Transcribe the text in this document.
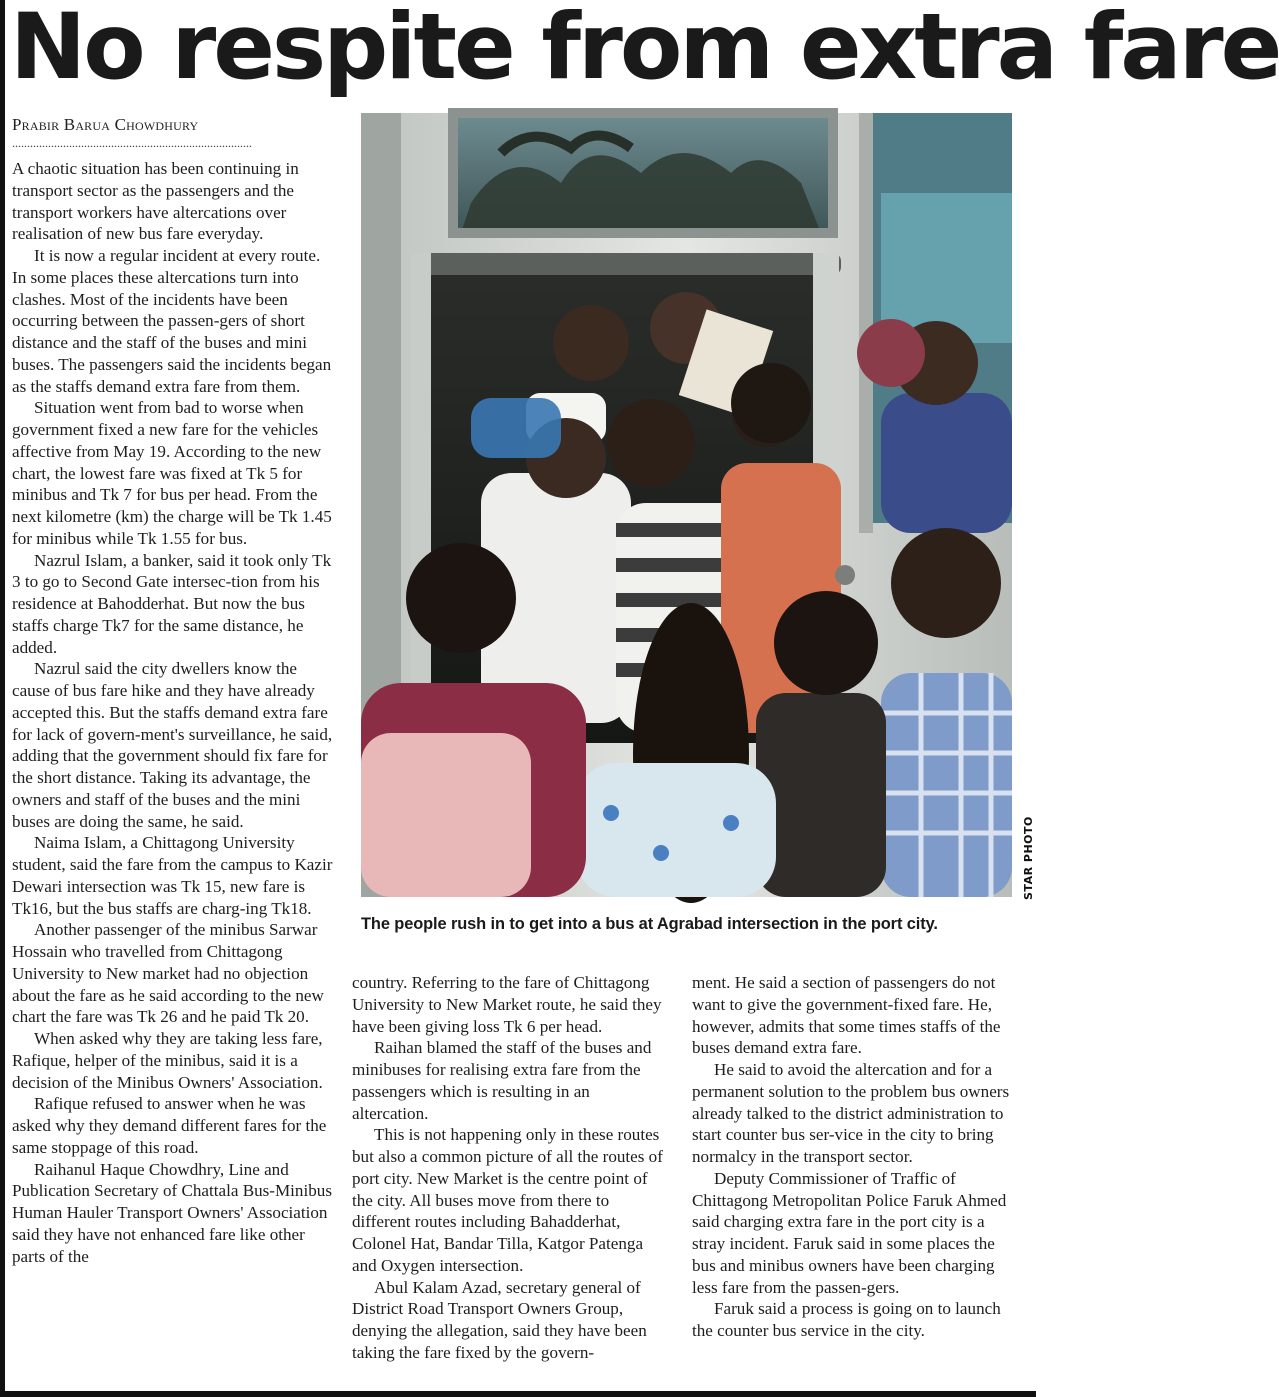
No respite from extra fare
Prabir Barua Chowdhury
................................................................................

A chaotic situation has been continuing in transport sector as the passengers and the transport workers have altercations over realisation of new bus fare everyday.

It is now a regular incident at every route. In some places these altercations turn into clashes. Most of the incidents have been occurring between the passen-gers of short distance and the staff of the buses and mini buses. The passengers said the incidents began as the staffs demand extra fare from them.

Situation went from bad to worse when government fixed a new fare for the vehicles affective from May 19. According to the new chart, the lowest fare was fixed at Tk 5 for minibus and Tk 7 for bus per head. From the next kilometre (km) the charge will be Tk 1.45 for minibus while Tk 1.55 for bus.

Nazrul Islam, a banker, said it took only Tk 3 to go to Second Gate intersec-tion from his residence at Bahodderhat. But now the bus staffs charge Tk7 for the same distance, he added.

Nazrul said the city dwellers know the cause of bus fare hike and they have already accepted this. But the staffs demand extra fare for lack of govern-ment's surveillance, he said, adding that the government should fix fare for the short distance. Taking its advantage, the owners and staff of the buses and the mini buses are doing the same, he said.

Naima Islam, a Chittagong University student, said the fare from the campus to Kazir Dewari intersection was Tk 15, new fare is Tk16, but the bus staffs are charg-ing Tk18.

Another passenger of the minibus Sarwar Hossain who travelled from Chittagong University to New market had no objection about the fare as he said according to the new chart the fare was Tk 26 and he paid Tk 20.

When asked why they are taking less fare, Rafique, helper of the minibus, said it is a decision of the Minibus Owners' Association.

Rafique refused to answer when he was asked why they demand different fares for the same stoppage of this road.

Raihanul Haque Chowdhry, Line and Publication Secretary of Chattala Bus-Minibus Human Hauler Transport Owners' Association said they have not enhanced fare like other parts of the

STAR PHOTO
The people rush in to get into a bus at Agrabad intersection in the port city.

country. Referring to the fare of Chittagong University to New Market route, he said they have been giving loss Tk 6 per head.

Raihan blamed the staff of the buses and minibuses for realising extra fare from the passengers which is resulting in an altercation.

This is not happening only in these routes but also a common picture of all the routes of port city. New Market is the centre point of the city. All buses move from there to different routes including Bahadderhat, Colonel Hat, Bandar Tilla, Katgor Patenga and Oxygen intersection.

Abul Kalam Azad, secretary general of District Road Transport Owners Group, denying the allegation, said they have been taking the fare fixed by the govern-

ment. He said a section of passengers do not want to give the government-fixed fare. He, however, admits that some times staffs of the buses demand extra fare.

He said to avoid the altercation and for a permanent solution to the problem bus owners already talked to the district administration to start counter bus ser-vice in the city to bring normalcy in the transport sector.

Deputy Commissioner of Traffic of Chittagong Metropolitan Police Faruk Ahmed said charging extra fare in the port city is a stray incident. Faruk said in some places the bus and minibus owners have been charging less fare from the passen-gers.

Faruk said a process is going on to launch the counter bus service in the city.
